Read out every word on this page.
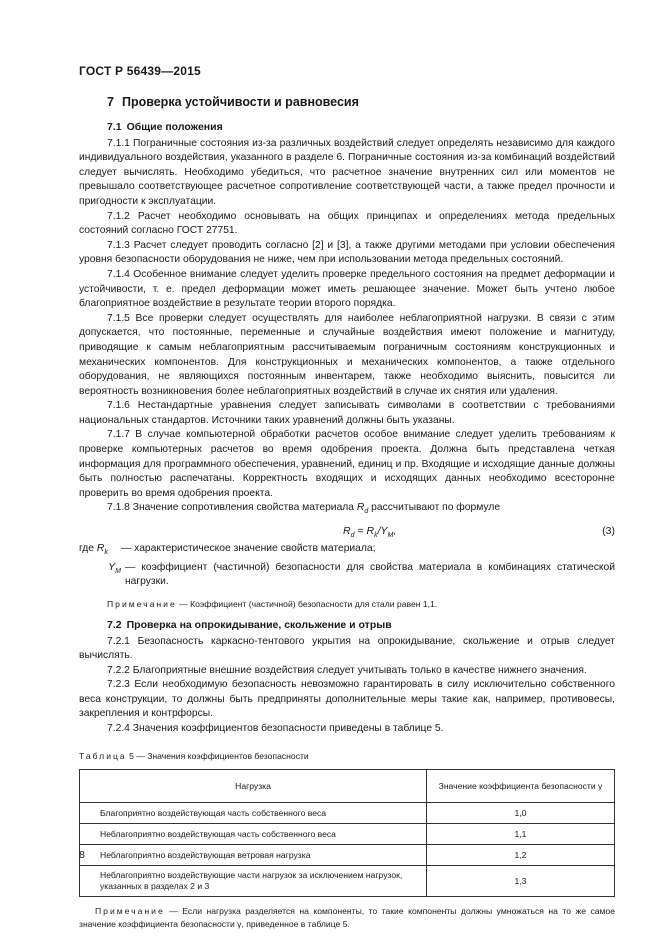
ГОСТ Р 56439—2015
7 Проверка устойчивости и равновесия
7.1 Общие положения

7.1.1 Пограничные состояния из-за различных воздействий следует определять независимо для каждого индивидуального воздействия, указанного в разделе 6. Пограничные состояния из-за комбинаций воздействий следует вычислять. Необходимо убедиться, что расчетное значение внутренних сил или моментов не превышало соответствующее расчетное сопротивление соответствующей части, а также предел прочности и пригодности к эксплуатации.

7.1.2 Расчет необходимо основывать на общих принципах и определениях метода предельных состояний согласно ГОСТ 27751.

7.1.3 Расчет следует проводить согласно [2] и [3], а также другими методами при условии обеспечения уровня безопасности оборудования не ниже, чем при использовании метода предельных состояний.

7.1.4 Особенное внимание следует уделить проверке предельного состояния на предмет деформации и устойчивости, т. е. предел деформации может иметь решающее значение. Может быть учтено любое благоприятное воздействие в результате теории второго порядка.

7.1.5 Все проверки следует осуществлять для наиболее неблагоприятной нагрузки. В связи с этим допускается, что постоянные, переменные и случайные воздействия имеют положение и магнитуду, приводящие к самым неблагоприятным рассчитываемым пограничным состояниям конструкционных и механических компонентов. Для конструкционных и механических компонентов, а также отдельного оборудования, не являющихся постоянным инвентарем, также необходимо выяснить, повысится ли вероятность возникновения более неблагоприятных воздействий в случае их снятия или удаления.

7.1.6 Нестандартные уравнения следует записывать символами в соответствии с требованиями национальных стандартов. Источники таких уравнений должны быть указаны.

7.1.7 В случае компьютерной обработки расчетов особое внимание следует уделить требованиям к проверке компьютерных расчетов во время одобрения проекта. Должна быть представлена четкая информация для программного обеспечения, уравнений, единиц и пр. Входящие и исходящие данные должны быть полностью распечатаны. Корректность входящих и исходящих данных необходимо всесторонне проверить во время одобрения проекта.

7.1.8 Значение сопротивления свойства материала $R_d$ рассчитывают по формуле

$R_d = R_k/Y_M$,	(3)
где $R_k$	— характеристическое значение свойств материала;
$Y_M$ — коэффициент (частичной) безопасности для свойства материала в комбинациях статической нагрузки.
Примечание — Коэффициент (частичной) безопасности для стали равен 1,1.
7.2 Проверка на опрокидывание, скольжение и отрыв

7.2.1 Безопасность каркасно-тентового укрытия на опрокидывание, скольжение и отрыв следует вычислять.

7.2.2 Благоприятные внешние воздействия следует учитывать только в качестве нижнего значения.

7.2.3 Если необходимую безопасность невозможно гарантировать в силу исключительно собственного веса конструкции, то должны быть предприняты дополнительные меры такие как, например, противовесы, закрепления и контрфорсы.

7.2.4 Значения коэффициентов безопасности приведены в таблице 5.

Таблица 5 — Значения коэффициентов безопасности
Нагрузка	Значение коэффициента безопасности γ
Благоприятно воздействующая часть собственного веса	1,0
Неблагоприятно воздействующая часть собственного веса	1,1
Неблагоприятно воздействующая ветровая нагрузка	1,2
Неблагоприятно воздействующие части нагрузок за исключением нагрузок, указанных в разделах 2 и 3	1,3
Примечание — Если нагрузка разделяется на компоненты, то такие компоненты должны умножаться на то же самое значение коэффициента безопасности γ, приведенное в таблице 5.
8
